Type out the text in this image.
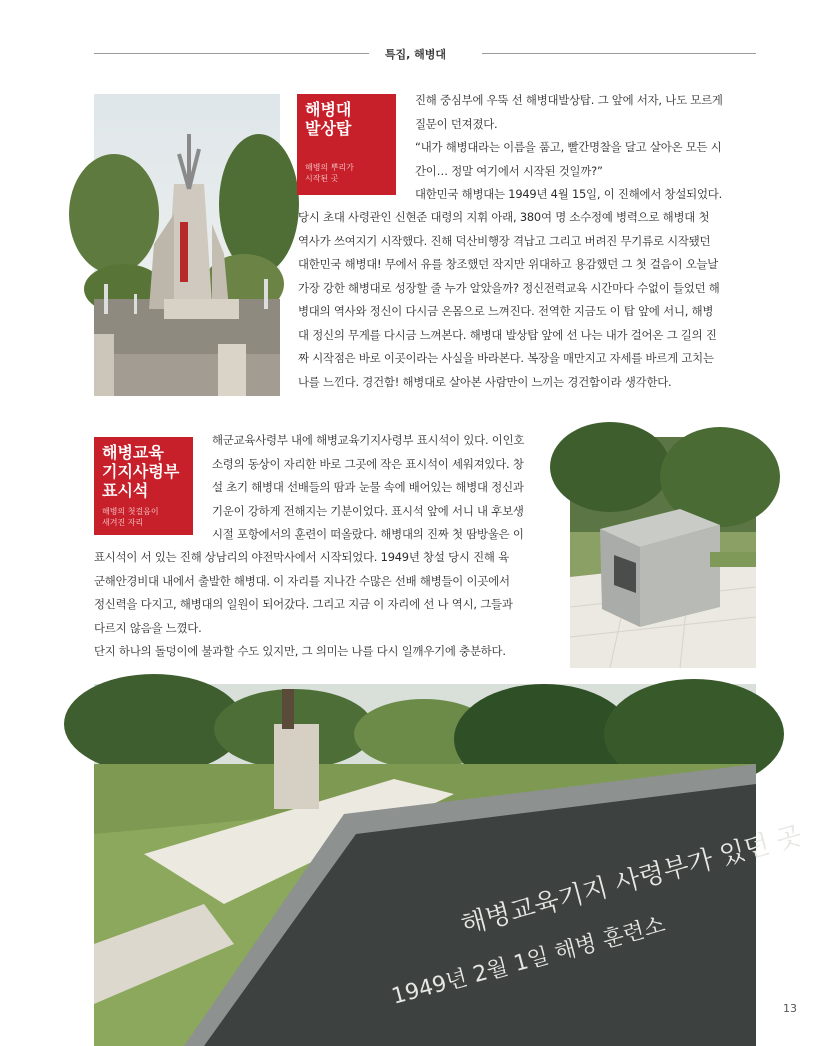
특집, 해병대
해병대
발상탑
해병의 뿌리가
시작된 곳
진해 중심부에 우뚝 선 해병대발상탑. 그 앞에 서자, 나도 모르게
질문이 던져졌다.
“내가 해병대라는 이름을 품고, 빨간명찰을 달고 살아온 모든 시
간이… 정말 여기에서 시작된 것일까?”
대한민국 해병대는 1949년 4월 15일, 이 진해에서 창설되었다.
당시 초대 사령관인 신현준 대령의 지휘 아래, 380여 명 소수정예 병력으로 해병대 첫
역사가 쓰여지기 시작했다. 진해 덕산비행장 격납고 그리고 버려진 무기류로 시작됐던
대한민국 해병대! 무에서 유를 창조했던 작지만 위대하고 용감했던 그 첫 걸음이 오늘날
가장 강한 해병대로 성장할 줄 누가 알았을까? 정신전력교육 시간마다 수없이 들었던 해
병대의 역사와 정신이 다시금 온몸으로 느껴진다. 전역한 지금도 이 탑 앞에 서니, 해병
대 정신의 무게를 다시금 느껴본다. 해병대 발상탑 앞에 선 나는 내가 걸어온 그 길의 진
짜 시작점은 바로 이곳이라는 사실을 바라본다. 복장을 매만지고 자세를 바르게 고치는
나를 느낀다. 경건함! 해병대로 살아본 사람만이 느끼는 경건함이라 생각한다.
해병교육
기지사령부
표시석
해병의 첫걸음이
새겨진 자리
해군교육사령부 내에 해병교육기지사령부 표시석이 있다. 이인호
소령의 동상이 자리한 바로 그곳에 작은 표시석이 세워져있다. 창
설 초기 해병대 선배들의 땀과 눈물 속에 배어있는 해병대 정신과
기운이 강하게 전해지는 기분이었다. 표시석 앞에 서니 내 후보생
시절 포항에서의 훈련이 떠올랐다. 해병대의 진짜 첫 땀방울은 이
표시석이 서 있는 진해 상남리의 야전막사에서 시작되었다. 1949년 창설 당시 진해 육
군해안경비대 내에서 출발한 해병대. 이 자리를 지나간 수많은 선배 해병들이 이곳에서
정신력을 다지고, 해병대의 일원이 되어갔다. 그리고 지금 이 자리에 선 나 역시, 그들과
다르지 않음을 느꼈다.
단지 하나의 돌덩이에 불과할 수도 있지만, 그 의미는 나를 다시 일깨우기에 충분하다.
해병교육기지 사령부가 있던 곳
1949년 2월 1일 해병 훈련소	13
